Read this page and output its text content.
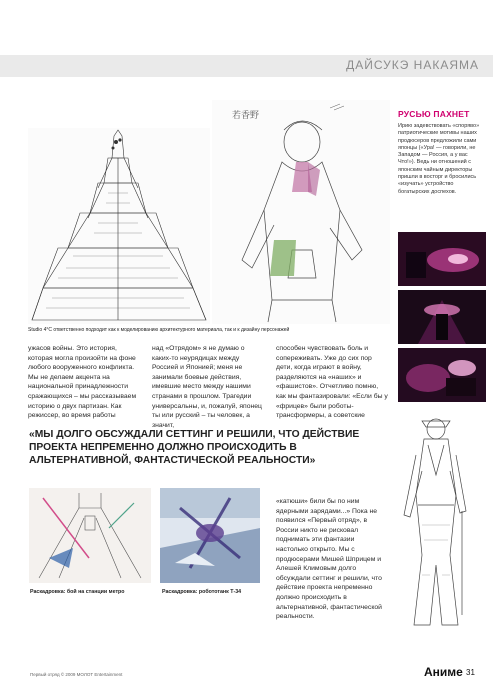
ДАЙСУКЭ НАКАЯМА
若香野
Studio 4°C ответственно подходит как к моделированию архитектурного материала, так и к дизайну персонажей
РУСЬЮ ПАХНЕТ
Ирию задевствовать «споряво» патриотические мотивы наших продюсеров предложили сами японцы («Ура! — говорили, не Западом — Россия, а у вас Что!»). Ведь ни отношений с японским чайным директоры пришли в восторг и бросились «изучать» устройство богатырских доспехов.
ужасов войны. Это история, которая могла произойти на фоне любого вооруженного конфликта. Мы не делаем акцента на национальной принадлежности сражающихся – мы рассказываем историю о двух партизан. Как режиссер, во время работы
над «Отрядом» я не думаю о каких-то неурядицах между Россией и Японией; меня не занимали боевые действия, имевшие место между нашими странами в прошлом. Трагедии универсальны, и, пожалуй, японец ты или русский – ты человек, а значит,
способен чувствовать боль и сопереживать. Уже до сих пор дети, когда играют в войну, разделяются на «наших» и «фашистов». Отчетливо помню, как мы фантазировали: «Если бы у «фрицев» были роботы-трансформеры, а советские
«МЫ ДОЛГО ОБСУЖДАЛИ СЕТТИНГ И РЕШИЛИ, ЧТО ДЕЙСТВИЕ ПРОЕКТА НЕПРЕМЕННО ДОЛЖНО ПРОИСХОДИТЬ В АЛЬТЕРНАТИВНОЙ, ФАНТАСТИЧЕСКОЙ РЕАЛЬНОСТИ»
Раскадровка: бой на станции метро	Раскадровка: робототанк Т-34
«катюши» били бы по ним ядерными зарядами...» Пока не появился «Первый отряд», в России никто не рисковал поднимать эти фантазии настолько открыто. Мы с продюсерами Мишей Шприцем и Алешей Климовым долго обсуждали сеттинг и решили, что действие проекта непременно должно происходить в альтернативной, фантастической реальности.
Первый отряд © 2009 МОЛОТ Entertainment	Аниме 31
